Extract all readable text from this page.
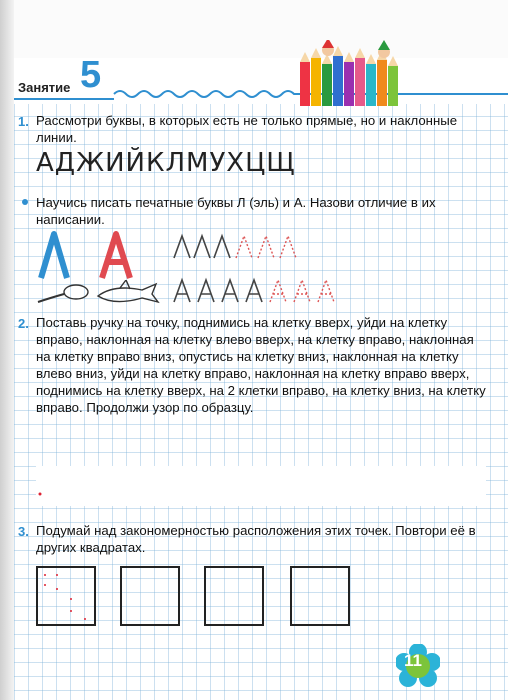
Занятие 5
1. Рассмотри буквы, в которых есть не только прямые, но и наклонные линии.
АДЖИЙКЛМУХЦЩ
Научись писать печатные буквы Л (эль) и А. Назови отличие в их написании.
2. Поставь ручку на точку, поднимись на клетку вверх, уйди на клетку вправо, наклонная на клетку влево вверх, на клетку вправо, наклонная на клетку вправо вниз, опустись на клетку вниз, наклонная на клетку влево вниз, уйди на клетку вправо, наклонная на клетку вправо вверх, поднимись на клетку вверх, на 2 клетки вправо, на клетку вниз, на клетку вправо. Продолжи узор по образцу.
3. Подумай над закономерностью расположения этих точек. Повтори её в других квадратах.
11
